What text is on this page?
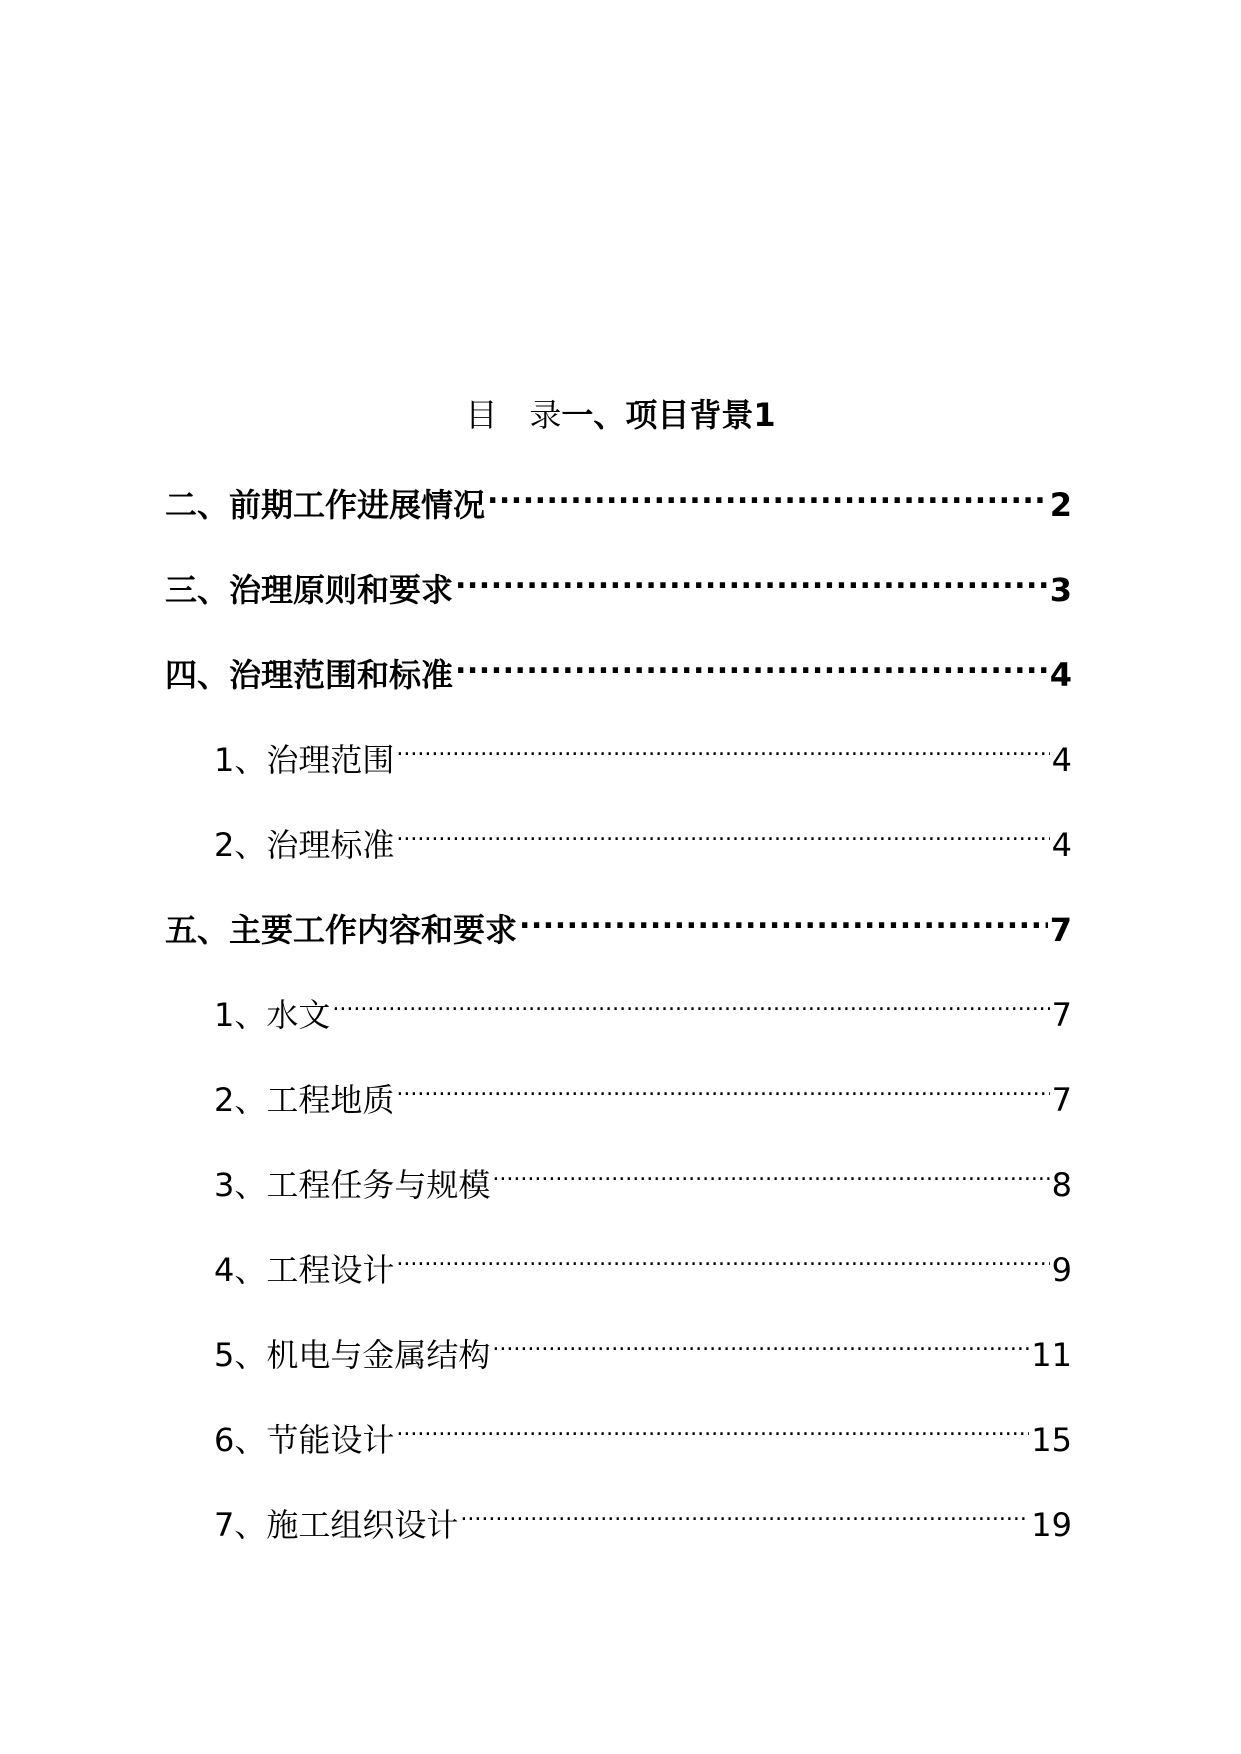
目　录一、项目背景1
二、前期工作进展情况 .....	2
三、治理原则和要求 .....	3
四、治理范围和标准 .....	4
1、治理范围 .....	4
2、治理标准 .....	4
五、主要工作内容和要求 .....	7
1、水文 .....	7
2、工程地质 .....	7
3、工程任务与规模 .....	8
4、工程设计 .....	9
5、机电与金属结构 .....	11
6、节能设计 .....	15
7、施工组织设计 .....	19
